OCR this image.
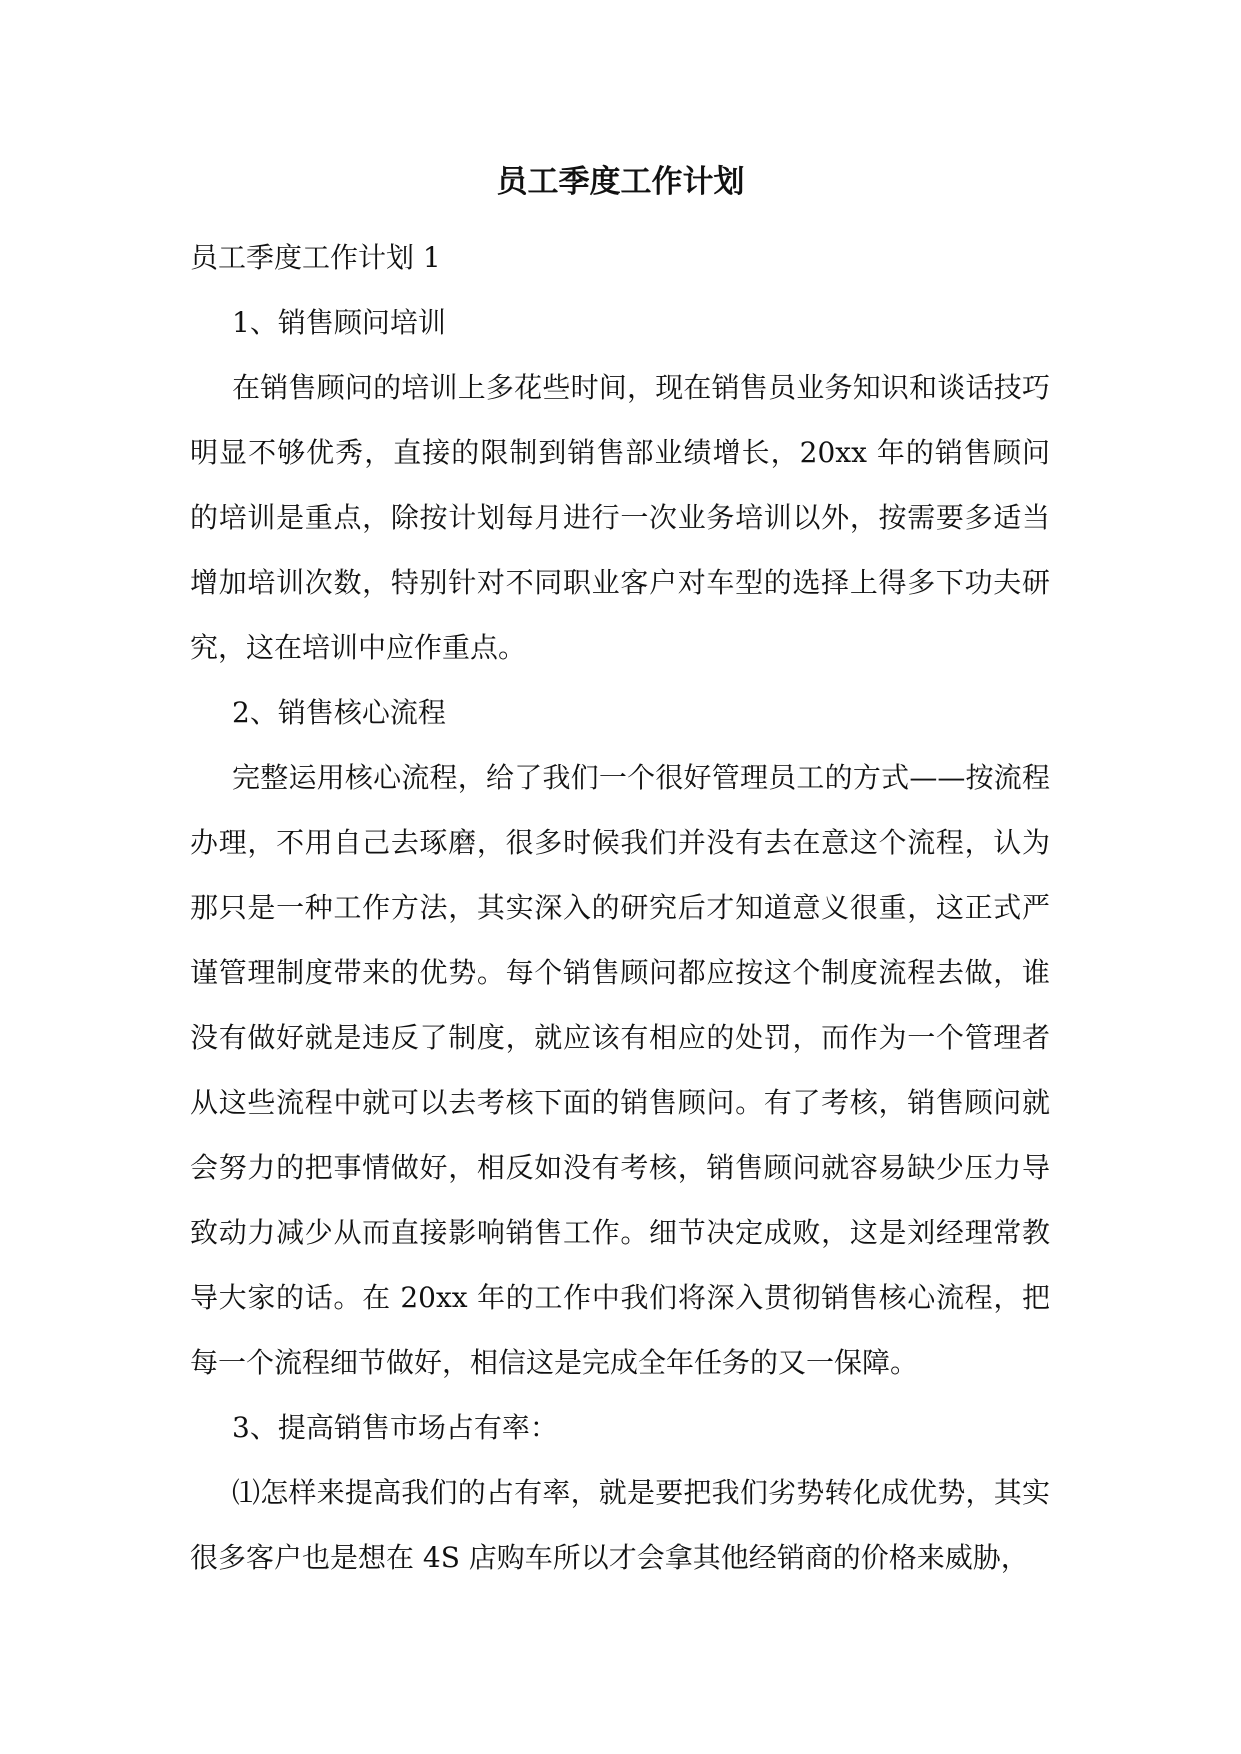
员工季度工作计划

员工季度工作计划 1

1、销售顾问培训

在销售顾问的培训上多花些时间，现在销售员业务知识和谈话技巧明显不够优秀，直接的限制到销售部业绩增长，20xx 年的销售顾问的培训是重点，除按计划每月进行一次业务培训以外，按需要多适当增加培训次数，特别针对不同职业客户对车型的选择上得多下功夫研究，这在培训中应作重点。

2、销售核心流程

完整运用核心流程，给了我们一个很好管理员工的方式——按流程办理，不用自己去琢磨，很多时候我们并没有去在意这个流程，认为那只是一种工作方法，其实深入的研究后才知道意义很重，这正式严谨管理制度带来的优势。每个销售顾问都应按这个制度流程去做，谁没有做好就是违反了制度，就应该有相应的处罚，而作为一个管理者从这些流程中就可以去考核下面的销售顾问。有了考核，销售顾问就会努力的把事情做好，相反如没有考核，销售顾问就容易缺少压力导致动力减少从而直接影响销售工作。细节决定成败，这是刘经理常教导大家的话。在 20xx 年的工作中我们将深入贯彻销售核心流程，把每一个流程细节做好，相信这是完成全年任务的又一保障。

3、提高销售市场占有率：

⑴怎样来提高我们的占有率，就是要把我们劣势转化成优势，其实很多客户也是想在 4S 店购车所以才会拿其他经销商的价格来威胁，
